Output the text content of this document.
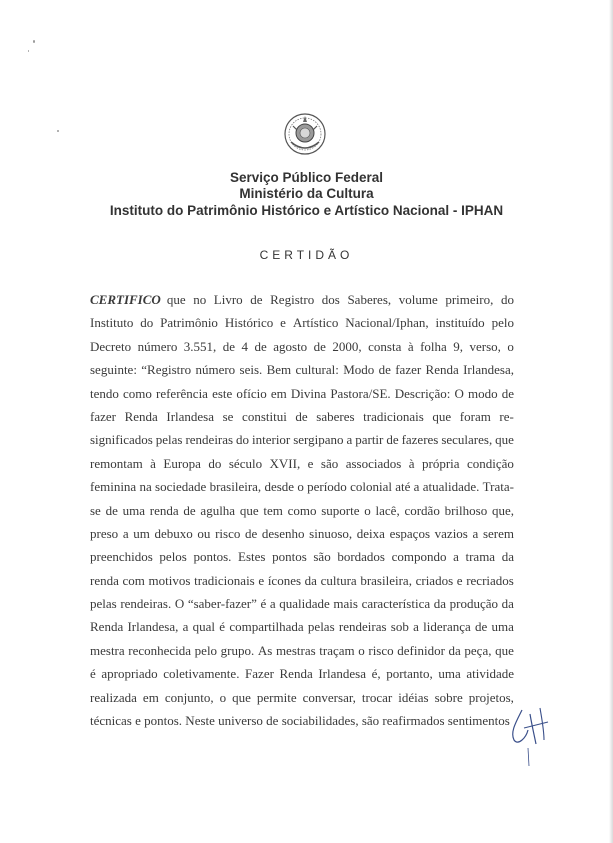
Serviço Público Federal
Ministério da Cultura
Instituto do Patrimônio Histórico e Artístico Nacional - IPHAN
CERTIDÃO
CERTIFICO que no Livro de Registro dos Saberes, volume primeiro, do
Instituto do Patrimônio Histórico e Artístico Nacional/Iphan, instituído pelo
Decreto número 3.551, de 4 de agosto de 2000, consta à folha 9, verso, o
seguinte: “Registro número seis. Bem cultural: Modo de fazer Renda Irlandesa,
tendo como referência este ofício em Divina Pastora/SE. Descrição: O modo de
fazer Renda Irlandesa se constitui de saberes tradicionais que foram re-
significados pelas rendeiras do interior sergipano a partir de fazeres seculares, que
remontam à Europa do século XVII, e são associados à própria condição
feminina na sociedade brasileira, desde o período colonial até a atualidade. Trata-
se de uma renda de agulha que tem como suporte o lacê, cordão brilhoso que,
preso a um debuxo ou risco de desenho sinuoso, deixa espaços vazios a serem
preenchidos pelos pontos. Estes pontos são bordados compondo a trama da
renda com motivos tradicionais e ícones da cultura brasileira, criados e recriados
pelas rendeiras. O “saber-fazer” é a qualidade mais característica da produção da
Renda Irlandesa, a qual é compartilhada pelas rendeiras sob a liderança de uma
mestra reconhecida pelo grupo. As mestras traçam o risco definidor da peça, que
é apropriado coletivamente. Fazer Renda Irlandesa é, portanto, uma atividade
realizada em conjunto, o que permite conversar, trocar idéias sobre projetos,
técnicas e pontos. Neste universo de sociabilidades, são reafirmados sentimentos
